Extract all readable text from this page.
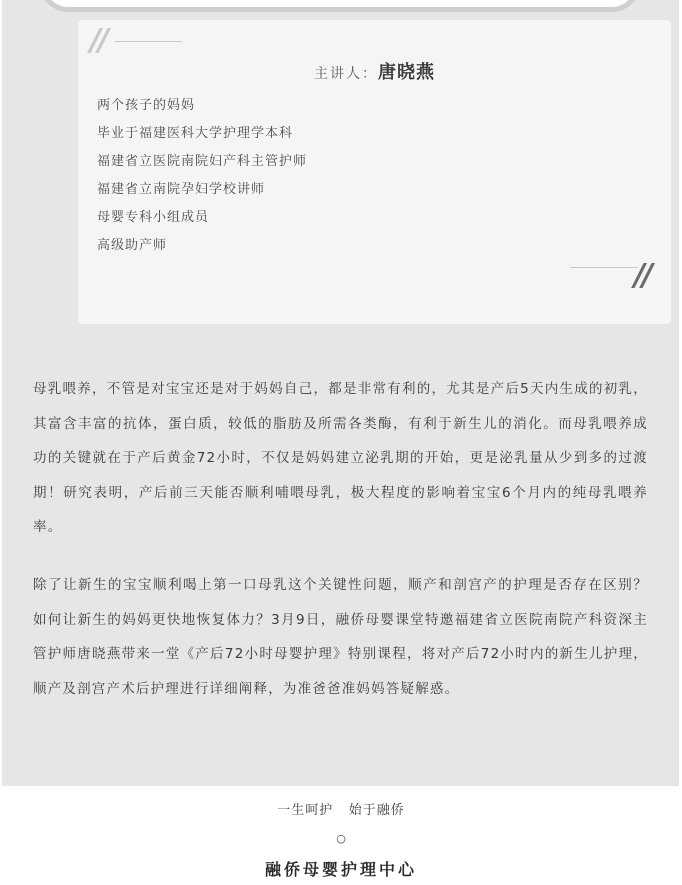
//
主讲人：唐晓燕
两个孩子的妈妈
毕业于福建医科大学护理学本科
福建省立医院南院妇产科主管护师
福建省立南院孕妇学校讲师
母婴专科小组成员
高级助产师
//

母乳喂养，不管是对宝宝还是对于妈妈自己，都是非常有利的，尤其是产后5天内生成的初乳，其富含丰富的抗体，蛋白质，较低的脂肪及所需各类酶，有利于新生儿的消化。而母乳喂养成功的关键就在于产后黄金72小时，不仅是妈妈建立泌乳期的开始，更是泌乳量从少到多的过渡期！研究表明，产后前三天能否顺利哺喂母乳，极大程度的影响着宝宝6个月内的纯母乳喂养率。

除了让新生的宝宝顺利喝上第一口母乳这个关键性问题，顺产和剖宫产的护理是否存在区别？如何让新生的妈妈更快地恢复体力？3月9日，融侨母婴课堂特邀福建省立医院南院产科资深主管护师唐晓燕带来一堂《产后72小时母婴护理》特别课程，将对产后72小时内的新生儿护理，顺产及剖宫产术后护理进行详细阐释，为准爸爸准妈妈答疑解惑。

一生呵护   始于融侨
○
融侨母婴护理中心
